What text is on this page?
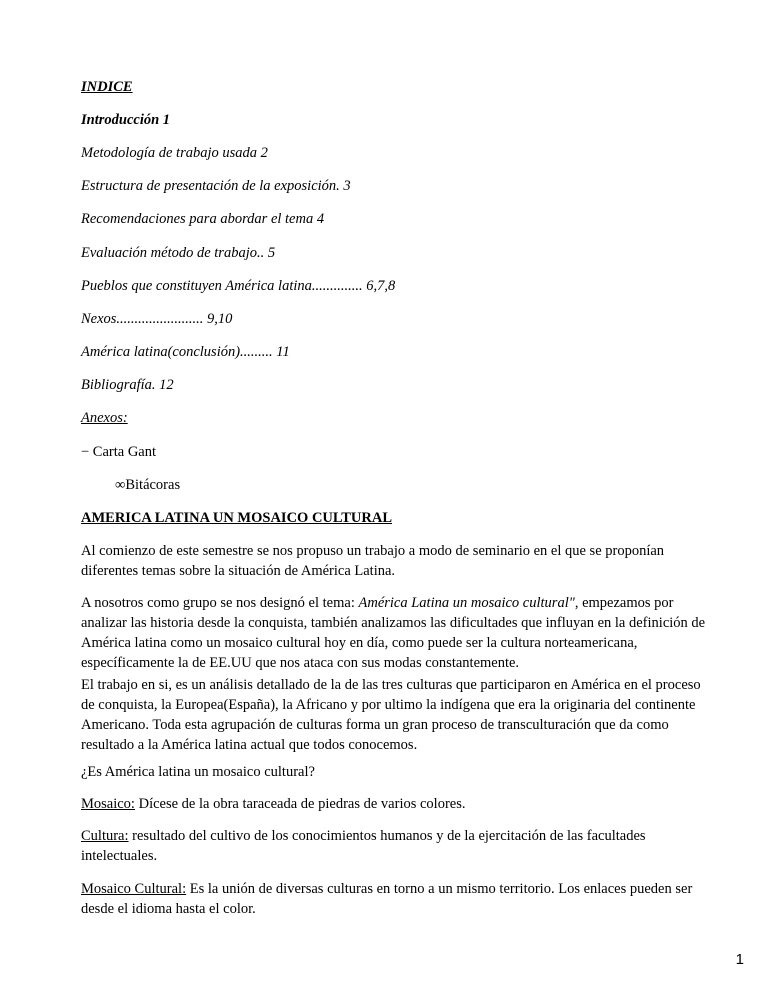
INDICE
Introducción 1
Metodología de trabajo usada 2
Estructura de presentación de la exposición. 3
Recomendaciones para abordar el tema 4
Evaluación método de trabajo.. 5
Pueblos que constituyen América latina.............. 6,7,8
Nexos........................ 9,10
América latina(conclusión)......... 11
Bibliografía. 12
Anexos:
− Carta Gant
∞Bitácoras
AMERICA LATINA UN MOSAICO CULTURAL
Al comienzo de este semestre se nos propuso un trabajo a modo de seminario en el que se proponían diferentes temas sobre la situación de América Latina.
A nosotros como grupo se nos designó el tema: América Latina un mosaico cultural", empezamos por analizar las historia desde la conquista, también analizamos las dificultades que influyan en la definición de América latina como un mosaico cultural hoy en día, como puede ser la cultura norteamericana, específicamente la de EE.UU que nos ataca con sus modas constantemente.
El trabajo en si, es un análisis detallado de la de las tres culturas que participaron en América en el proceso de conquista, la Europea(España), la Africano y por ultimo la indígena que era la originaria del continente Americano. Toda esta agrupación de culturas forma un gran proceso de transculturación que da como resultado a la América latina actual que todos conocemos.
¿Es América latina un mosaico cultural?
Mosaico: Dícese de la obra taraceada de piedras de varios colores.
Cultura: resultado del cultivo de los conocimientos humanos y de la ejercitación de las facultades intelectuales.
Mosaico Cultural: Es la unión de diversas culturas en torno a un mismo territorio. Los enlaces pueden ser desde el idioma hasta el color.
1
